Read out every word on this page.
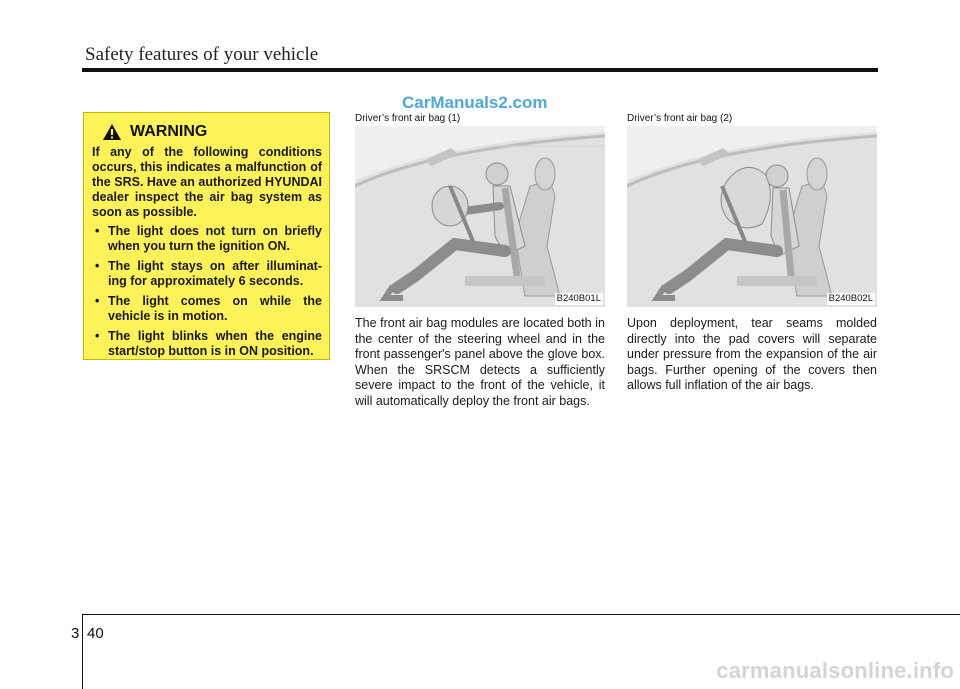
Safety features of your vehicle
CarManuals2.com
WARNING
If any of the following conditions occurs, this indicates a malfunction of the SRS. Have an authorized HYUNDAI dealer inspect the air bag system as soon as possible.
• The light does not turn on briefly when you turn the ignition ON.
• The light stays on after illuminat-ing for approximately 6 seconds.
• The light comes on while the vehicle is in motion.
• The light blinks when the engine start/stop button is in ON position.
Driver’s front air bag (1)
B240B01L
Driver’s front air bag (2)
B240B02L
The front air bag modules are located both in the center of the steering wheel and in the front passenger's panel above the glove box. When the SRSCM detects a sufficiently severe impact to the front of the vehicle, it will automatically deploy the front air bags.
Upon deployment, tear seams molded directly into the pad covers will separate under pressure from the expansion of the air bags. Further opening of the covers then allows full inflation of the air bags.
3 40
carmanualsonline.info
